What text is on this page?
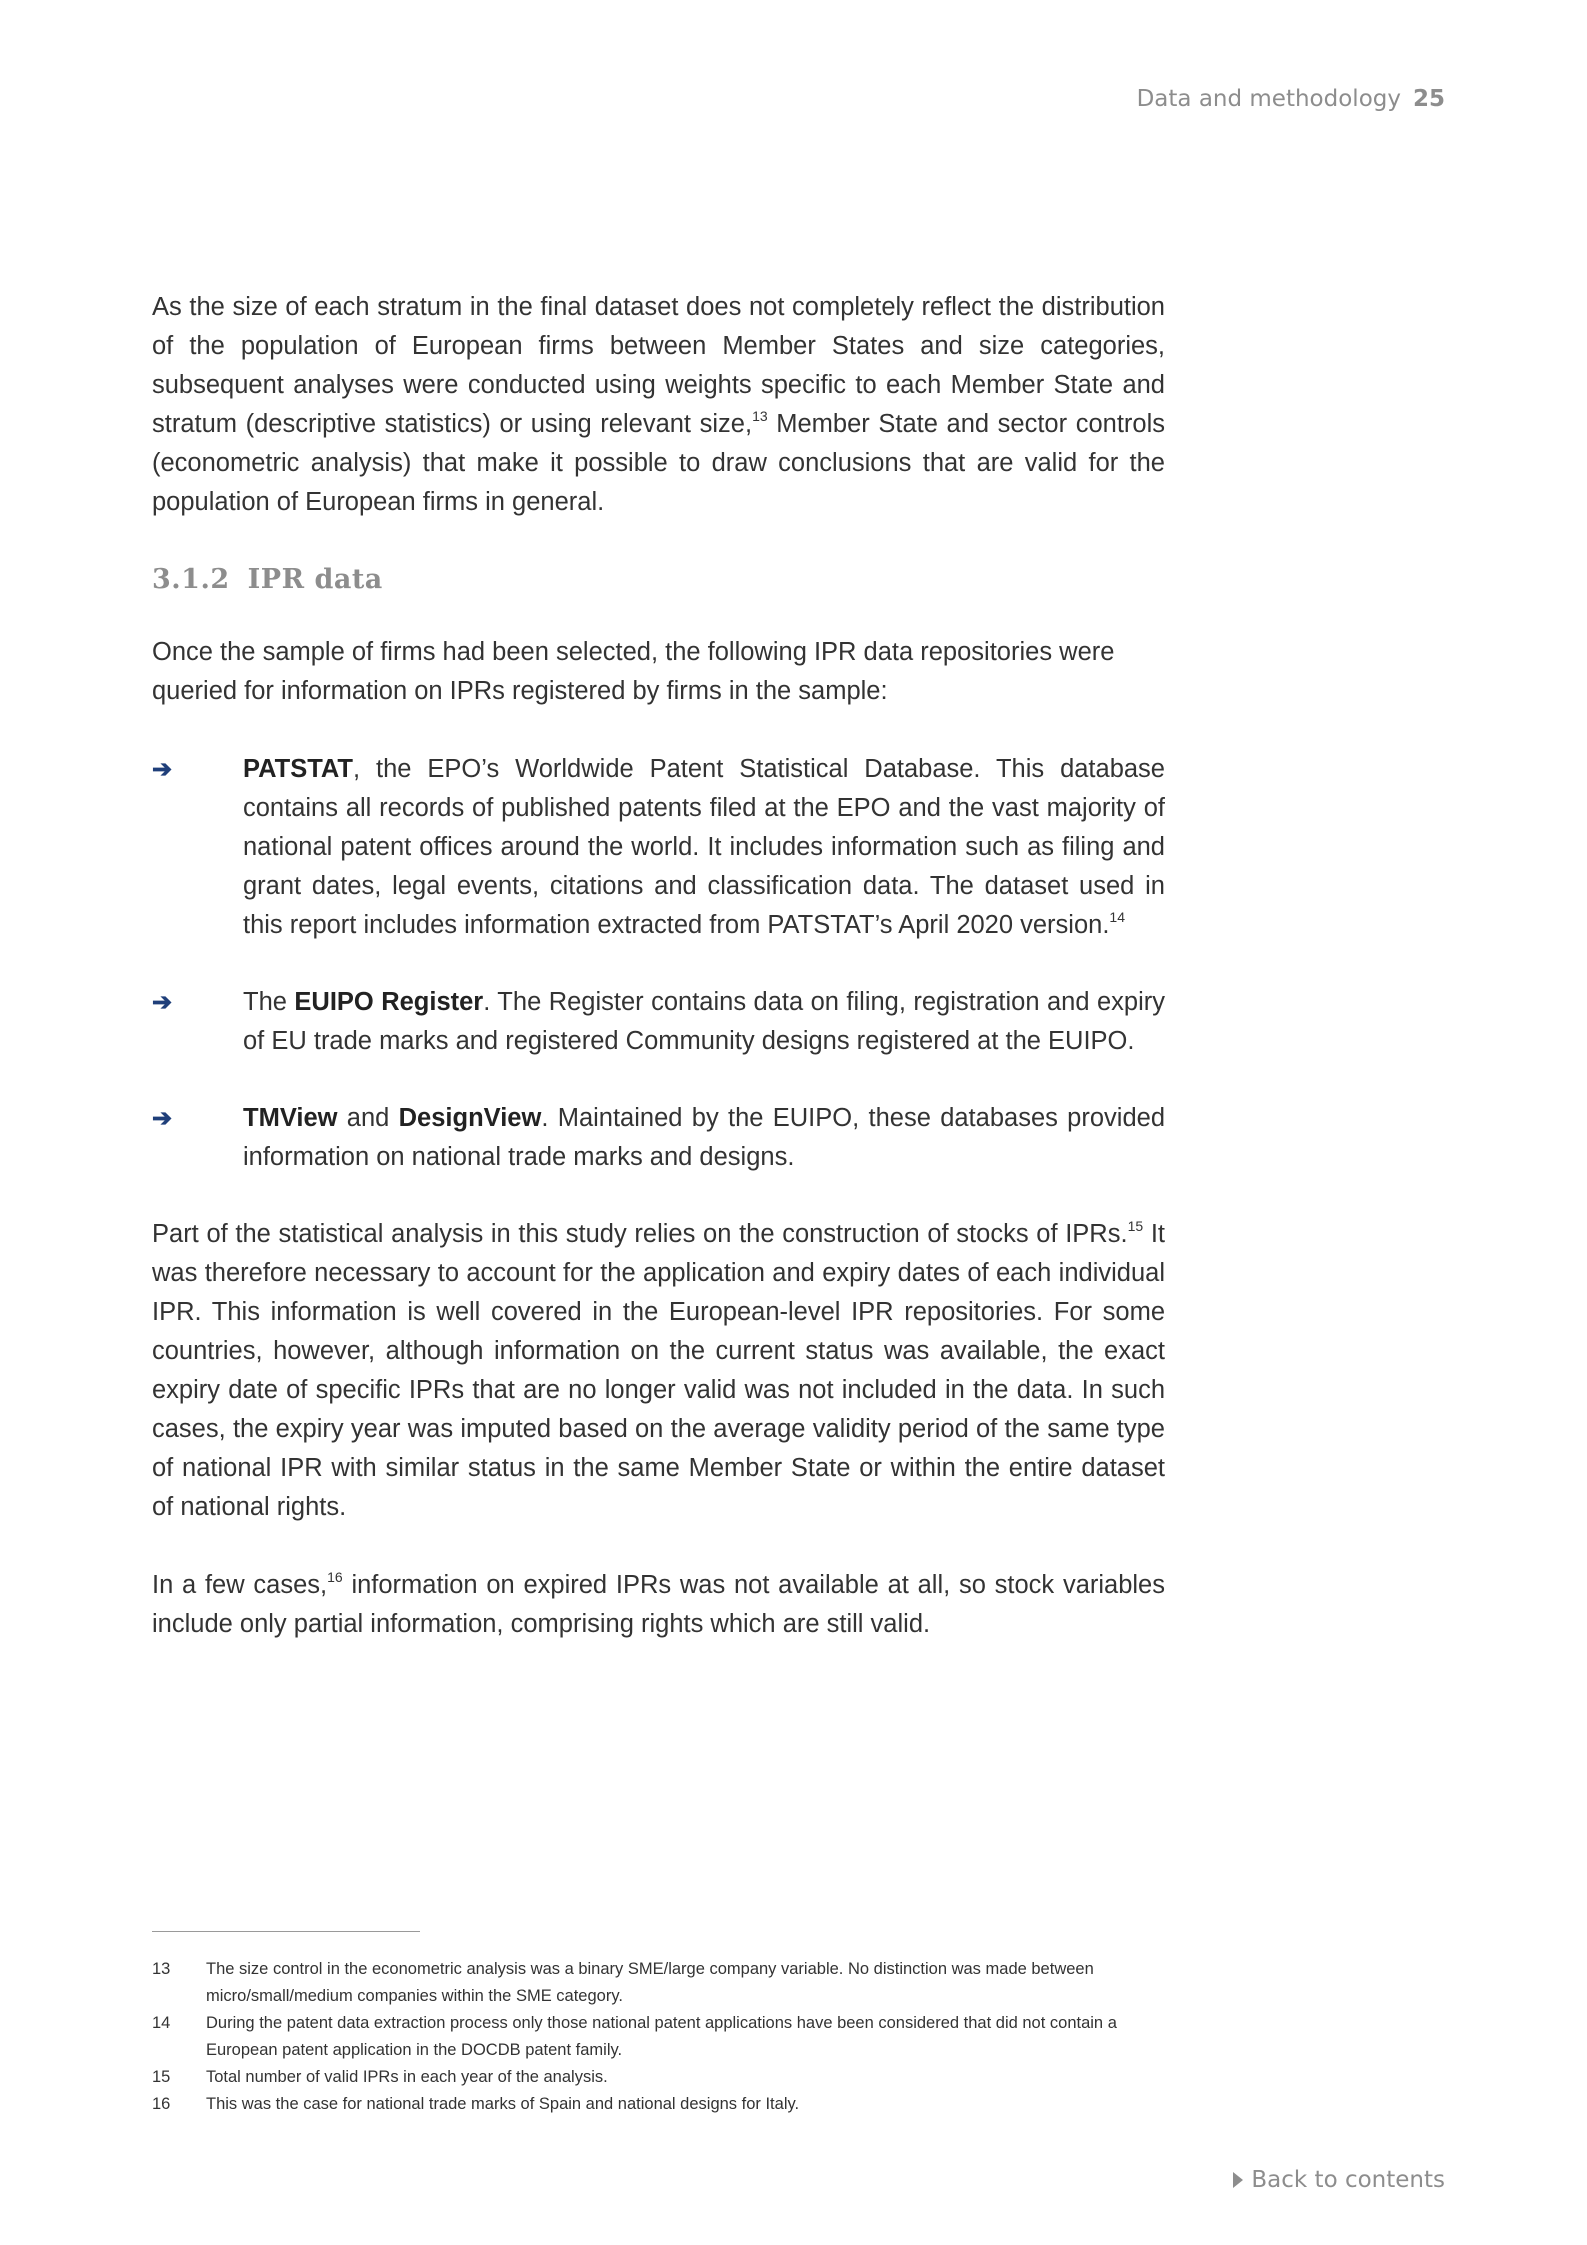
Data and methodology 25

As the size of each stratum in the final dataset does not completely reflect the distribution of the population of European firms between Member States and size categories, subsequent analyses were conducted using weights specific to each Member State and stratum (descriptive statistics) or using relevant size,$^{13}$ Member State and sector controls (econometric analysis) that make it possible to draw conclusions that are valid for the population of European firms in general.

3.1.2 IPR data

Once the sample of firms had been selected, the following IPR data repositories were queried for information on IPRs registered by firms in the sample:

➔	PATSTAT, the EPO’s Worldwide Patent Statistical Database. This database contains all records of published patents filed at the EPO and the vast majority of national patent offices around the world. It includes information such as filing and grant dates, legal events, citations and classification data. The dataset used in this report includes information extracted from PATSTAT’s April 2020 version.$^{14}$
➔	The EUIPO Register. The Register contains data on filing, registration and expiry of EU trade marks and registered Community designs registered at the EUIPO.
➔	TMView and DesignView. Maintained by the EUIPO, these databases provided information on national trade marks and designs.

Part of the statistical analysis in this study relies on the construction of stocks of IPRs.$^{15}$ It was therefore necessary to account for the application and expiry dates of each individual IPR. This information is well covered in the European-level IPR repositories. For some countries, however, although information on the current status was available, the exact expiry date of specific IPRs that are no longer valid was not included in the data. In such cases, the expiry year was imputed based on the average validity period of the same type of national IPR with similar status in the same Member State or within the entire dataset of national rights.

In a few cases,$^{16}$ information on expired IPRs was not available at all, so stock variables include only partial information, comprising rights which are still valid.

13	The size control in the econometric analysis was a binary SME/large company variable. No distinction was made between micro/small/medium companies within the SME category.
14	During the patent data extraction process only those national patent applications have been considered that did not contain a European patent application in the DOCDB patent family.
15	Total number of valid IPRs in each year of the analysis.
16	This was the case for national trade marks of Spain and national designs for Italy.
Back to contents
